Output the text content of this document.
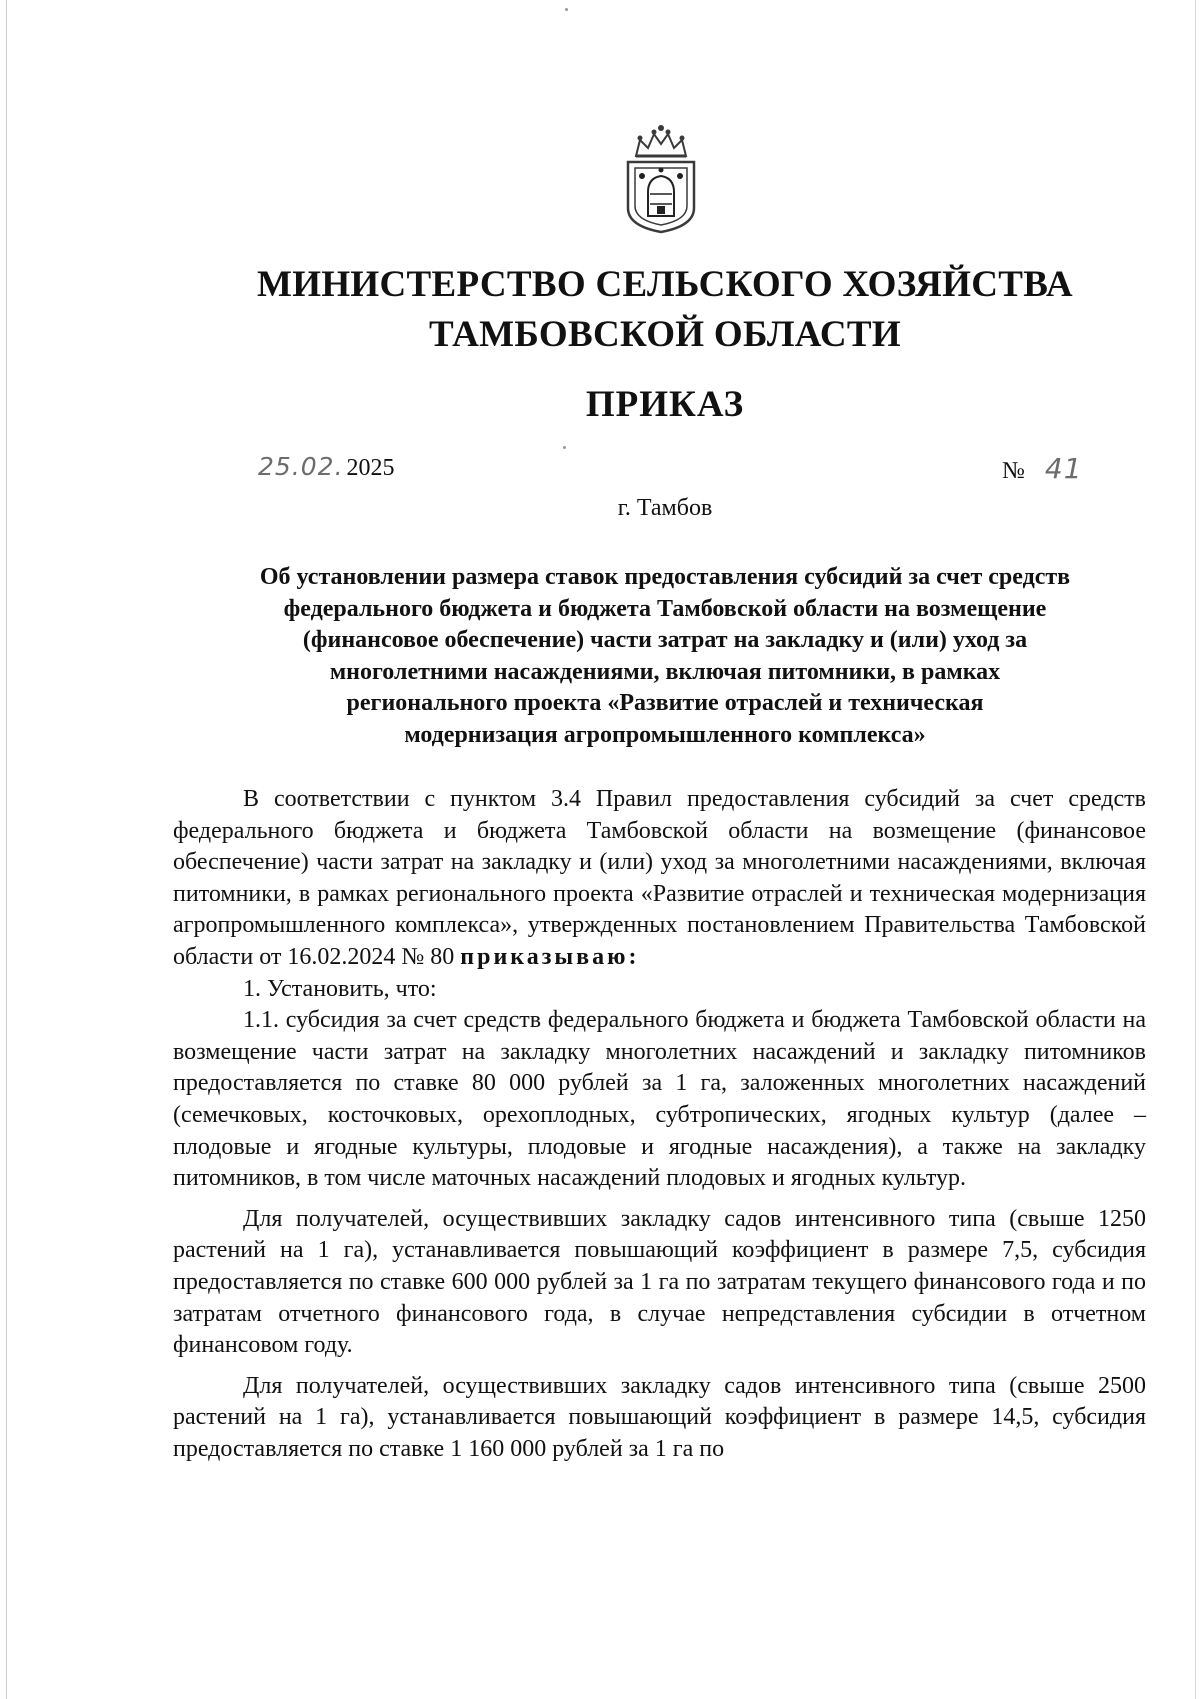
МИНИСТЕРСТВО СЕЛЬСКОГО ХОЗЯЙСТВА
ТАМБОВСКОЙ ОБЛАСТИ
ПРИКАЗ
25.02. 2025	№ 41
г. Тамбов
Об установлении размера ставок предоставления субсидий за счет средств
федерального бюджета и бюджета Тамбовской области на возмещение
(финансовое обеспечение) части затрат на закладку и (или) уход за
многолетними насаждениями, включая питомники, в рамках
регионального проекта «Развитие отраслей и техническая
модернизация агропромышленного комплекса»

В соответствии с пунктом 3.4 Правил предоставления субсидий за счет средств федерального бюджета и бюджета Тамбовской области на возмещение (финансовое обеспечение) части затрат на закладку и (или) уход за многолетними насаждениями, включая питомники, в рамках регионального проекта «Развитие отраслей и техническая модернизация агропромышленного комплекса», утвержденных постановлением Правительства Тамбовской области от 16.02.2024 № 80 приказываю:

1. Установить, что:

1.1. субсидия за счет средств федерального бюджета и бюджета Тамбовской области на возмещение части затрат на закладку многолетних насаждений и закладку питомников предоставляется по ставке 80 000 рублей за 1 га, заложенных многолетних насаждений (семечковых, косточковых, орехоплодных, субтропических, ягодных культур (далее – плодовые и ягодные культуры, плодовые и ягодные насаждения), а также на закладку питомников, в том числе маточных насаждений плодовых и ягодных культур.

Для получателей, осуществивших закладку садов интенсивного типа (свыше 1250 растений на 1 га), устанавливается повышающий коэффициент в размере 7,5, субсидия предоставляется по ставке 600 000 рублей за 1 га по затратам текущего финансового года и по затратам отчетного финансового года, в случае непредставления субсидии в отчетном финансовом году.

Для получателей, осуществивших закладку садов интенсивного типа (свыше 2500 растений на 1 га), устанавливается повышающий коэффициент в размере 14,5, субсидия предоставляется по ставке 1 160 000 рублей за 1 га по
